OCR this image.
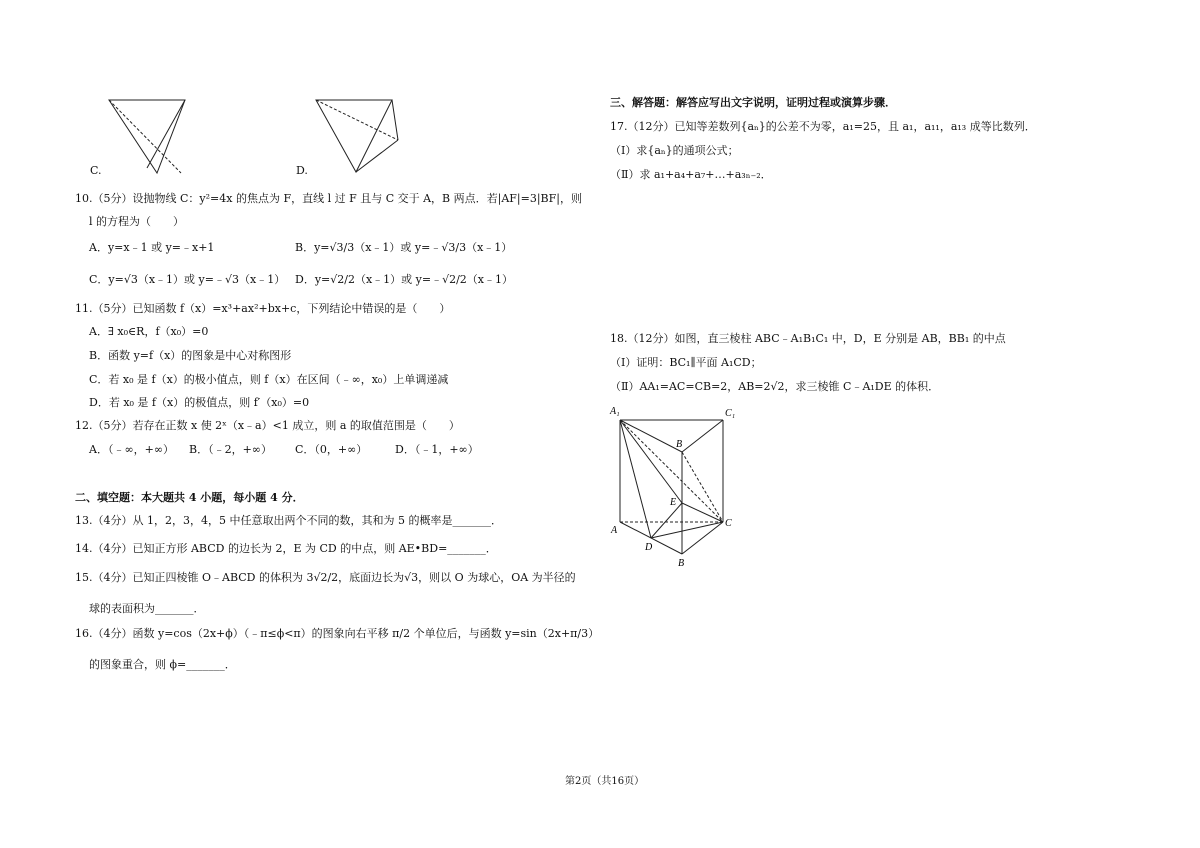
C.	D.
10.（5分）设抛物线 C：y²=4x 的焦点为 F，直线 l 过 F 且与 C 交于 A，B 两点．若|AF|=3|BF|，则
l 的方程为（　　）
A．y=x﹣1 或 y=﹣x+1	B．y=√3/3（x﹣1）或 y=﹣√3/3（x﹣1）
C．y=√3（x﹣1）或 y=﹣√3（x﹣1） D．y=√2/2（x﹣1）或 y=﹣√2/2（x﹣1）
11.（5分）已知函数 f（x）=x³+ax²+bx+c，下列结论中错误的是（　　）
A．∃ x₀∈R，f（x₀）=0
B．函数 y=f（x）的图象是中心对称图形
C．若 x₀ 是 f（x）的极小值点，则 f（x）在区间（﹣∞，x₀）上单调递减
D．若 x₀ 是 f（x）的极值点，则 f′（x₀）=0
12.（5分）若存在正数 x 使 2ˣ（x﹣a）<1 成立，则 a 的取值范围是（　　）
A．（﹣∞，+∞） B．（﹣2，+∞） C．（0，+∞）	D．（﹣1，+∞）
二、填空题：本大题共 4 小题，每小题 4 分．
13.（4分）从 1，2，3，4，5 中任意取出两个不同的数，其和为 5 的概率是_______．
14.（4分）已知正方形 ABCD 的边长为 2，E 为 CD 的中点，则 AE•BD=_______．
15.（4分）已知正四棱锥 O﹣ABCD 的体积为 3√2/2，底面边长为√3，则以 O 为球心，OA 为半径的
球的表面积为_______．
16.（4分）函数 y=cos（2x+ϕ）（﹣π≤ϕ<π）的图象向右平移 π/2 个单位后，与函数 y=sin（2x+π/3）
的图象重合，则 ϕ=_______．
三、解答题：解答应写出文字说明，证明过程或演算步骤．
17.（12分）已知等差数列{aₙ}的公差不为零，a₁=25，且 a₁，a₁₁，a₁₃ 成等比数列．
（Ⅰ）求{aₙ}的通项公式；
（Ⅱ）求 a₁+a₄+a₇+…+a₃ₙ₋₂．
18.（12分）如图，直三棱柱 ABC﹣A₁B₁C₁ 中，D，E 分别是 AB，BB₁ 的中点
（Ⅰ）证明：BC₁∥平面 A₁CD；
（Ⅱ）AA₁=AC=CB=2，AB=2√2，求三棱锥 C﹣A₁DE 的体积．
A₁	C₁
B
E
A
C
D
B
第2页（共16页）
